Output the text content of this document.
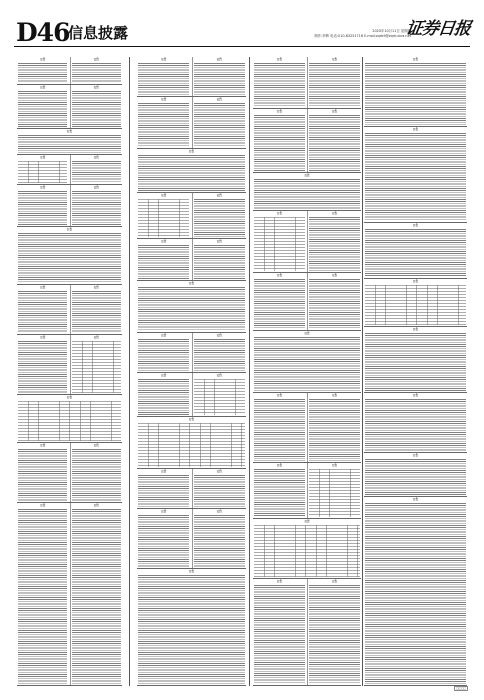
D46
信息披露	2020年10月11日 星期四
制作:李辉 电话:010-83251716 E-mail:zqrb9@zqrb.sina.net
证券日报
公告	公告
公告	公告
公告
公告	公告
公告	公告
公告
公告	公告
公告	公告
公告
公告	公告
公告	公告
公告	公告
公告	公告
公告
公告	公告
公告	公告
公告
公告	公告
公告	公告
公告
公告	公告
公告	公告
公告
公告	公告
公告	公告
公告
公告	公告
公告	公告
公告
公告	公告
公告	公告
公告
公告	公告
公告
公告
公告
公告
公告
公告
公告
公告
□□□□
